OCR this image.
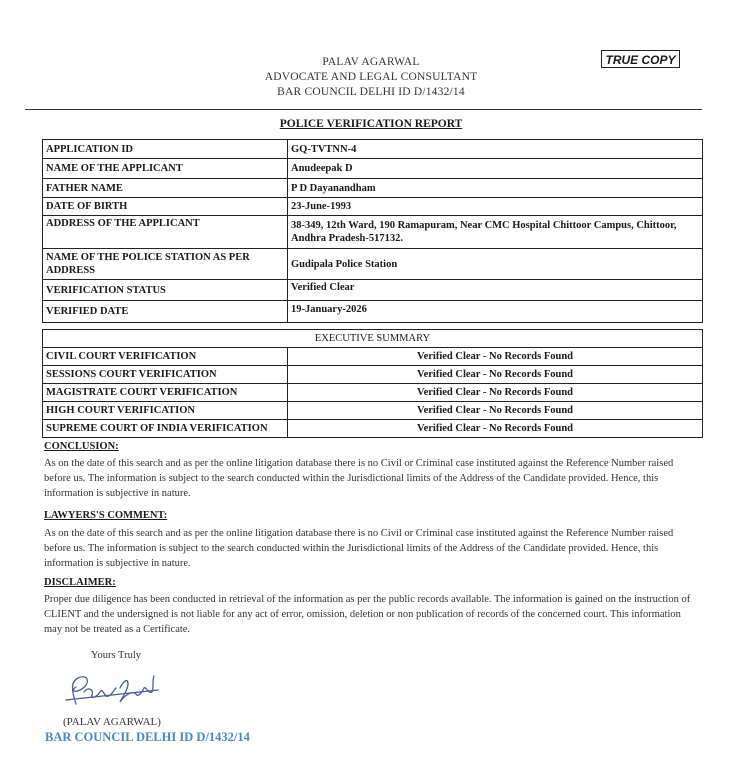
TRUE COPY
PALAV AGARWAL
ADVOCATE AND LEGAL CONSULTANT
BAR COUNCIL DELHI ID D/1432/14
POLICE VERIFICATION REPORT
APPLICATION ID	GQ-TVTNN-4
NAME OF THE APPLICANT	Anudeepak D
FATHER NAME	P D Dayanandham
DATE OF BIRTH	23-June-1993
ADDRESS OF THE APPLICANT	38-349, 12th Ward, 190 Ramapuram, Near CMC Hospital Chittoor Campus, Chittoor, Andhra Pradesh-517132.
NAME OF THE POLICE STATION AS PER ADDRESS	Gudipala Police Station
VERIFICATION STATUS	Verified Clear
VERIFIED DATE	19-January-2026
EXECUTIVE SUMMARY	
CIVIL COURT VERIFICATION	Verified Clear - No Records Found
SESSIONS COURT VERIFICATION	Verified Clear - No Records Found
MAGISTRATE COURT VERIFICATION	Verified Clear - No Records Found
HIGH COURT VERIFICATION	Verified Clear - No Records Found
SUPREME COURT OF INDIA VERIFICATION	Verified Clear - No Records Found
CONCLUSION:
As on the date of this search and as per the online litigation database there is no Civil or Criminal case instituted against the Reference Number raised before us. The information is subject to the search conducted within the Jurisdictional limits of the Address of the Candidate provided. Hence, this information is subjective in nature.
LAWYERS'S COMMENT:
As on the date of this search and as per the online litigation database there is no Civil or Criminal case instituted against the Reference Number raised before us. The information is subject to the search conducted within the Jurisdictional limits of the Address of the Candidate provided. Hence, this information is subjective in nature.
DISCLAIMER:
Proper due diligence has been conducted in retrieval of the information as per the public records available. The information is gained on the instruction of CLIENT and the undersigned is not liable for any act of error, omission, deletion or non publication of records of the concerned court. This information may not be treated as a Certificate.
Yours Truly
(PALAV AGARWAL)
BAR COUNCIL DELHI ID D/1432/14
